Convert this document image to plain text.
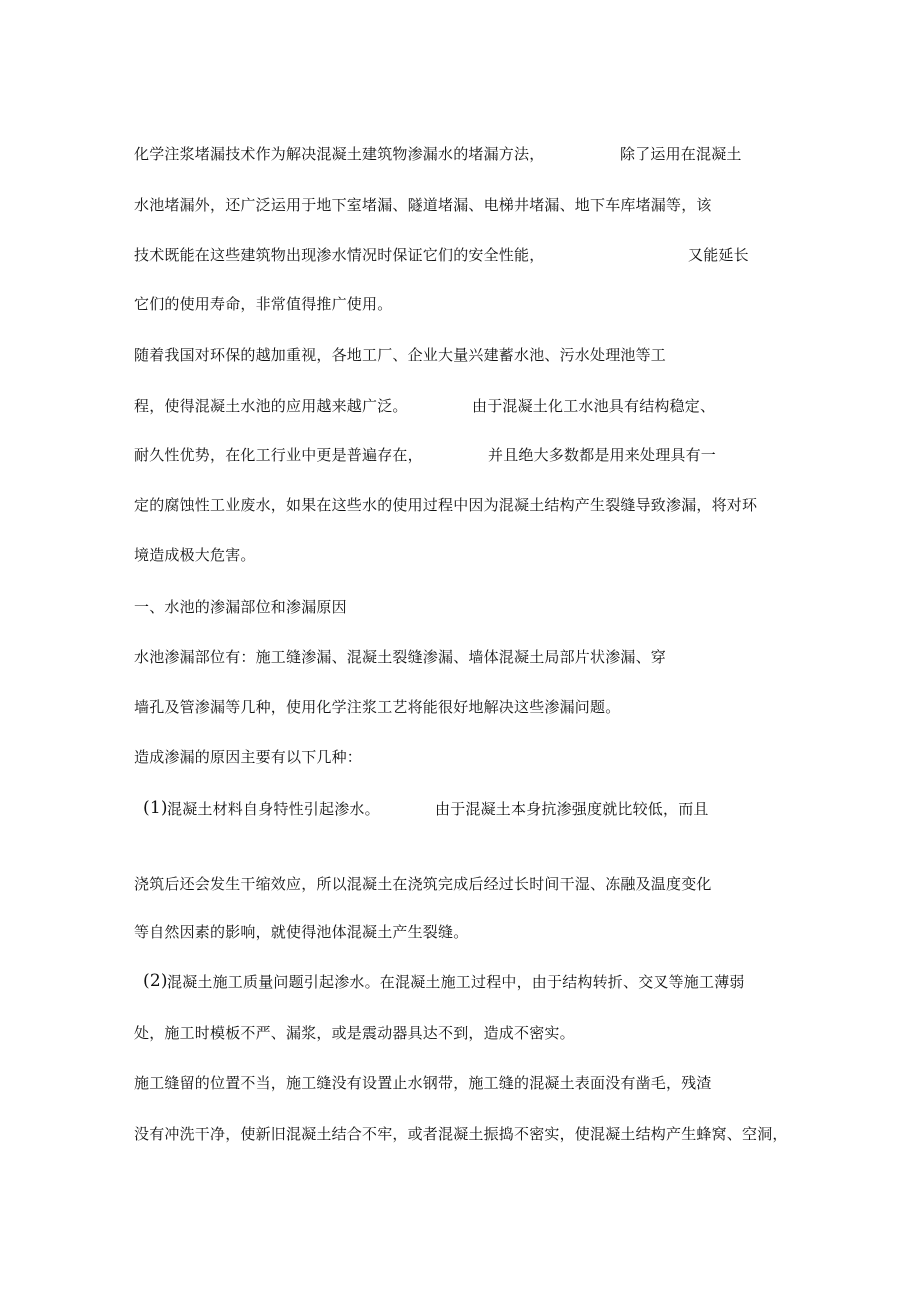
化学注浆堵漏技术作为解决混凝土建筑物渗漏水的堵漏方法，	除了运用在混凝土
水池堵漏外，还广泛运用于地下室堵漏、隧道堵漏、电梯井堵漏、地下车库堵漏等，该
技术既能在这些建筑物出现渗水情况时保证它们的安全性能，	又能延长
它们的使用寿命，非常值得推广使用。
随着我国对环保的越加重视，各地工厂、企业大量兴建蓄水池、污水处理池等工
程，使得混凝土水池的应用越来越广泛。	由于混凝土化工水池具有结构稳定、
耐久性优势，在化工行业中更是普遍存在，	并且绝大多数都是用来处理具有一
定的腐蚀性工业废水，如果在这些水的使用过程中因为混凝土结构产生裂缝导致渗漏，将对环
境造成极大危害。
一、水池的渗漏部位和渗漏原因
水池渗漏部位有：施工缝渗漏、混凝土裂缝渗漏、墙体混凝土局部片状渗漏、穿
墙孔及管渗漏等几种，使用化学注浆工艺将能很好地解决这些渗漏问题。
造成渗漏的原因主要有以下几种：
(1) 混凝土材料自身特性引起渗水。	由于混凝土本身抗渗强度就比较低，而且
浇筑后还会发生干缩效应，所以混凝土在浇筑完成后经过长时间干湿、冻融及温度变化
等自然因素的影响，就使得池体混凝土产生裂缝。
(2) 混凝土施工质量问题引起渗水。在混凝土施工过程中，由于结构转折、交叉等施工薄弱
处，施工时模板不严、漏浆，或是震动器具达不到，造成不密实。
施工缝留的位置不当，施工缝没有设置止水钢带，施工缝的混凝土表面没有凿毛，残渣
没有冲洗干净，使新旧混凝土结合不牢，或者混凝土振捣不密实，使混凝土结构产生蜂窝、空洞，
